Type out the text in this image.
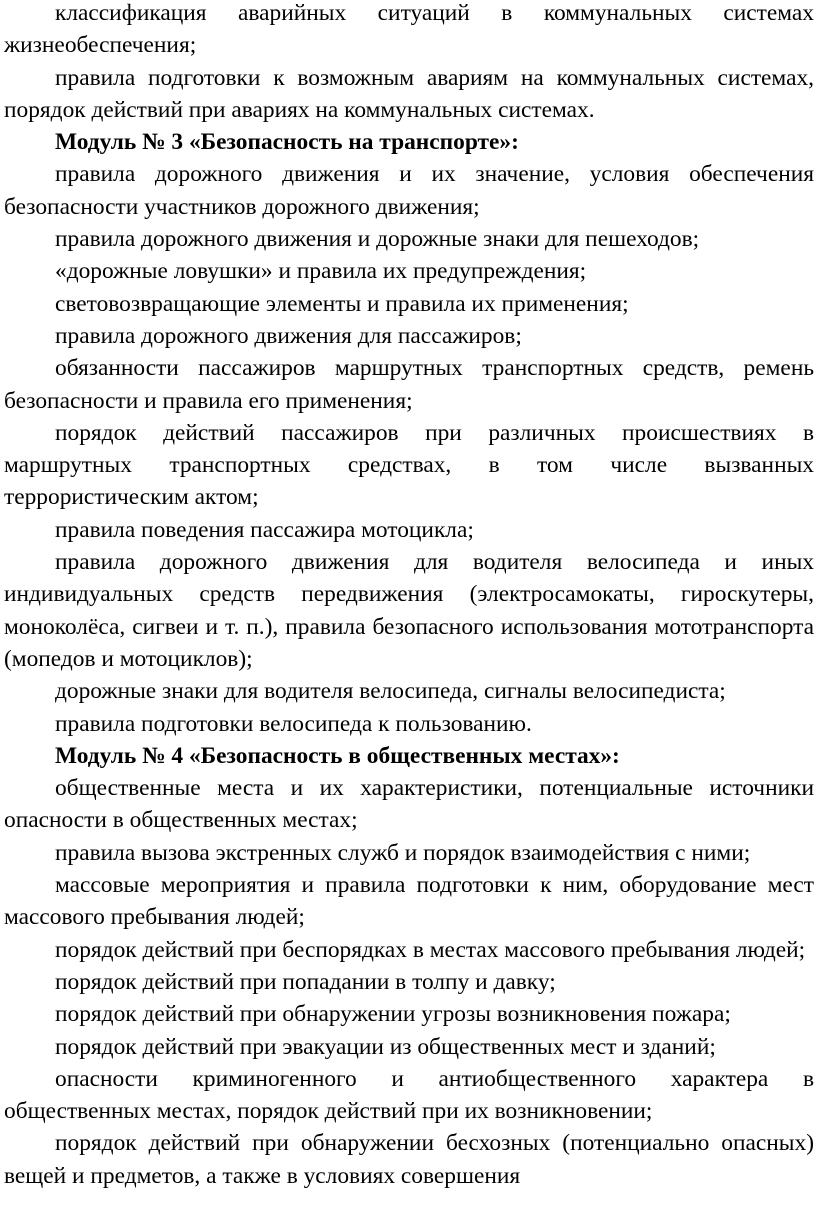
классификация аварийных ситуаций в коммунальных системах жизнеобеспечения;

правила подготовки к возможным авариям на коммунальных системах, порядок действий при авариях на коммунальных системах.

Модуль № 3 «Безопасность на транспорте»:

правила дорожного движения и их значение, условия обеспечения безопасности участников дорожного движения;

правила дорожного движения и дорожные знаки для пешеходов;

«дорожные ловушки» и правила их предупреждения;

световозвращающие элементы и правила их применения;

правила дорожного движения для пассажиров;

обязанности пассажиров маршрутных транспортных средств, ремень безопасности и правила его применения;

порядок действий пассажиров при различных происшествиях в маршрутных транспортных средствах, в том числе вызванных террористическим актом;

правила поведения пассажира мотоцикла;

правила дорожного движения для водителя велосипеда и иных индивидуальных средств передвижения (электросамокаты, гироскутеры, моноколёса, сигвеи и т. п.), правила безопасного использования мототранспорта (мопедов и мотоциклов);

дорожные знаки для водителя велосипеда, сигналы велосипедиста;

правила подготовки велосипеда к пользованию.

Модуль № 4 «Безопасность в общественных местах»:

общественные места и их характеристики, потенциальные источники опасности в общественных местах;

правила вызова экстренных служб и порядок взаимодействия с ними;

массовые мероприятия и правила подготовки к ним, оборудование мест массового пребывания людей;

порядок действий при беспорядках в местах массового пребывания людей;

порядок действий при попадании в толпу и давку;

порядок действий при обнаружении угрозы возникновения пожара;

порядок действий при эвакуации из общественных мест и зданий;

опасности криминогенного и антиобщественного характера в общественных местах, порядок действий при их возникновении;

порядок действий при обнаружении бесхозных (потенциально опасных) вещей и предметов, а также в условиях совершения
